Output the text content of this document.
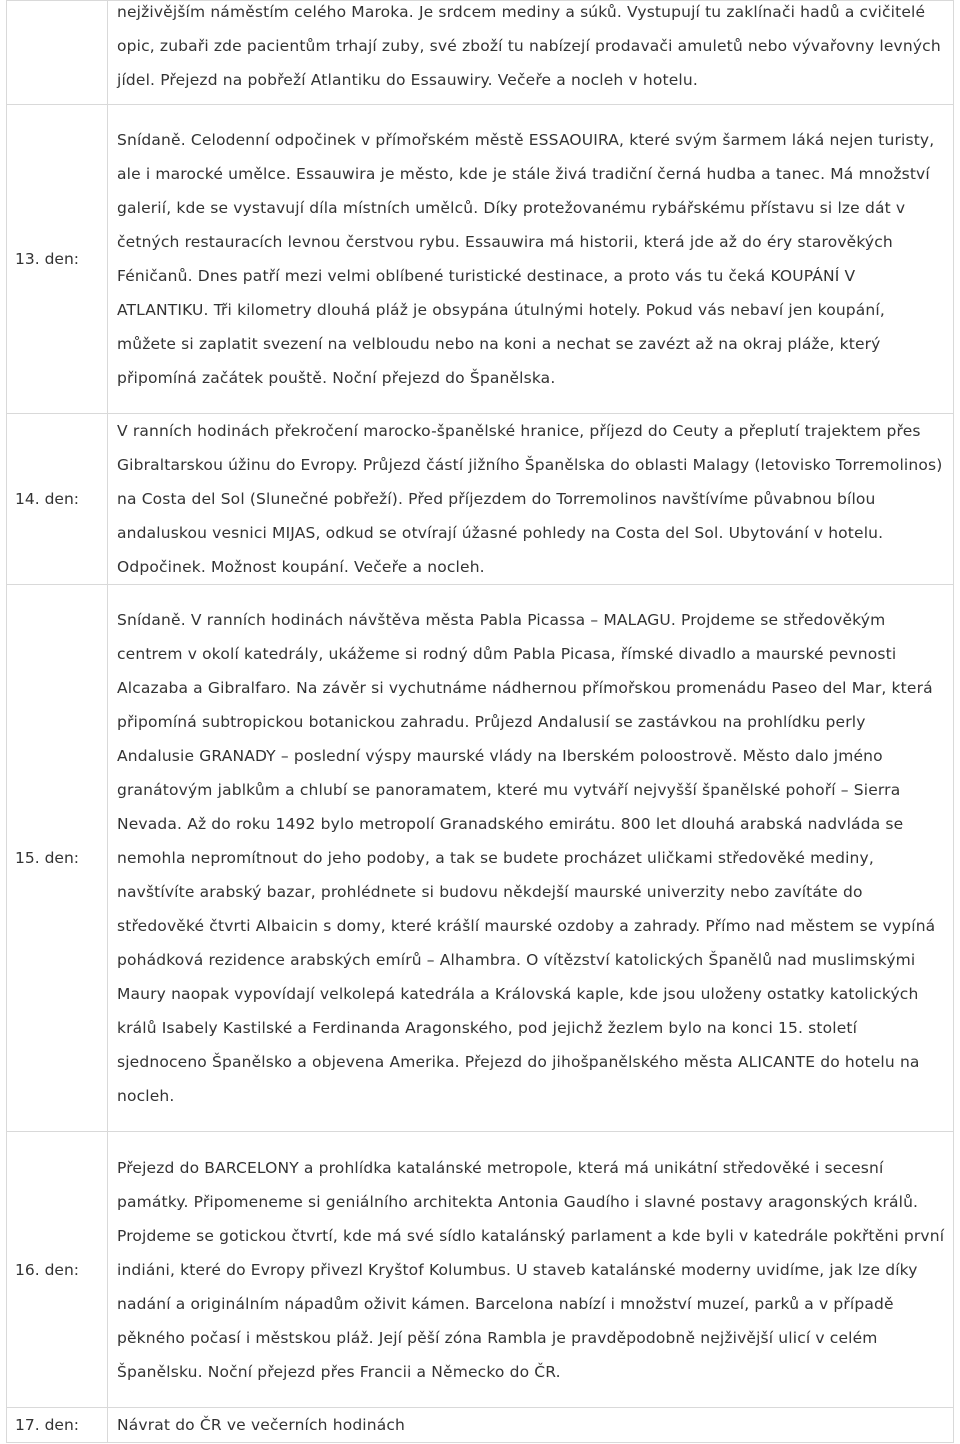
	nejživějším náměstím celého Maroka. Je srdcem mediny a súků. Vystupují tu zaklínači hadů a cvičitelé opic, zubaři zde pacientům trhají zuby, své zboží tu nabízejí prodavači amuletů nebo vývařovny levných jídel. Přejezd na pobřeží Atlantiku do Essauwiry. Večeře a nocleh v hotelu.

13. den:	Snídaně. Celodenní odpočinek v přímořském městě ESSAOUIRA, které svým šarmem láká nejen turisty, ale i marocké umělce. Essauwira je město, kde je stále živá tradiční černá hudba a tanec. Má množství galerií, kde se vystavují díla místních umělců. Díky protežovanému rybářskému přístavu si lze dát v četných restauracích levnou čerstvou rybu. Essauwira má historii, která jde až do éry starověkých Féničanů. Dnes patří mezi velmi oblíbené turistické destinace, a proto vás tu čeká KOUPÁNÍ V ATLANTIKU. Tři kilometry dlouhá pláž je obsypána útulnými hotely. Pokud vás nebaví jen koupání, můžete si zaplatit svezení na velbloudu nebo na koni a nechat se zavézt až na okraj pláže, který připomíná začátek pouště. Noční přejezd do Španělska.

14. den:	V ranních hodinách překročení marocko-španělské hranice, příjezd do Ceuty a přeplutí trajektem přes Gibraltarskou úžinu do Evropy. Průjezd částí jižního Španělska do oblasti Malagy (letovisko Torremolinos) na Costa del Sol (Slunečné pobřeží). Před příjezdem do Torremolinos navštívíme půvabnou bílou andaluskou vesnici MIJAS, odkud se otvírají úžasné pohledy na Costa del Sol. Ubytování v hotelu. Odpočinek. Možnost koupání. Večeře a nocleh.

15. den:	Snídaně. V ranních hodinách návštěva města Pabla Picassa – MALAGU. Projdeme se středověkým centrem v okolí katedrály, ukážeme si rodný dům Pabla Picasa, římské divadlo a maurské pevnosti Alcazaba a Gibralfaro. Na závěr si vychutnáme nádhernou přímořskou promenádu Paseo del Mar, která připomíná subtropickou botanickou zahradu. Průjezd Andalusií se zastávkou na prohlídku perly Andalusie GRANADY – poslední výspy maurské vlády na Iberském poloostrově. Město dalo jméno granátovým jablkům a chlubí se panoramatem, které mu vytváří nejvyšší španělské pohoří – Sierra Nevada. Až do roku 1492 bylo metropolí Granadského emirátu. 800 let dlouhá arabská nadvláda se nemohla nepromítnout do jeho podoby, a tak se budete procházet uličkami středověké mediny, navštívíte arabský bazar, prohlédnete si budovu někdejší maurské univerzity nebo zavítáte do středověké čtvrti Albaicin s domy, které krášlí maurské ozdoby a zahrady. Přímo nad městem se vypíná pohádková rezidence arabských emírů – Alhambra. O vítězství katolických Španělů nad muslimskými Maury naopak vypovídají velkolepá katedrála a Královská kaple, kde jsou uloženy ostatky katolických králů Isabely Kastilské a Ferdinanda Aragonského, pod jejichž žezlem bylo na konci 15. století sjednoceno Španělsko a objevena Amerika. Přejezd do jihošpanělského města ALICANTE do hotelu na nocleh.

16. den:	Přejezd do BARCELONY a prohlídka katalánské metropole, která má unikátní středověké i secesní památky. Připomeneme si geniálního architekta Antonia Gaudího i slavné postavy aragonských králů. Projdeme se gotickou čtvrtí, kde má své sídlo katalánský parlament a kde byli v katedrále pokřtěni první indiáni, které do Evropy přivezl Kryštof Kolumbus. U staveb katalánské moderny uvidíme, jak lze díky nadání a originálním nápadům oživit kámen. Barcelona nabízí i množství muzeí, parků a v případě pěkného počasí i městskou pláž. Její pěší zóna Rambla je pravděpodobně nejživější ulicí v celém Španělsku. Noční přejezd přes Francii a Německo do ČR.

17. den:	Návrat do ČR ve večerních hodinách
